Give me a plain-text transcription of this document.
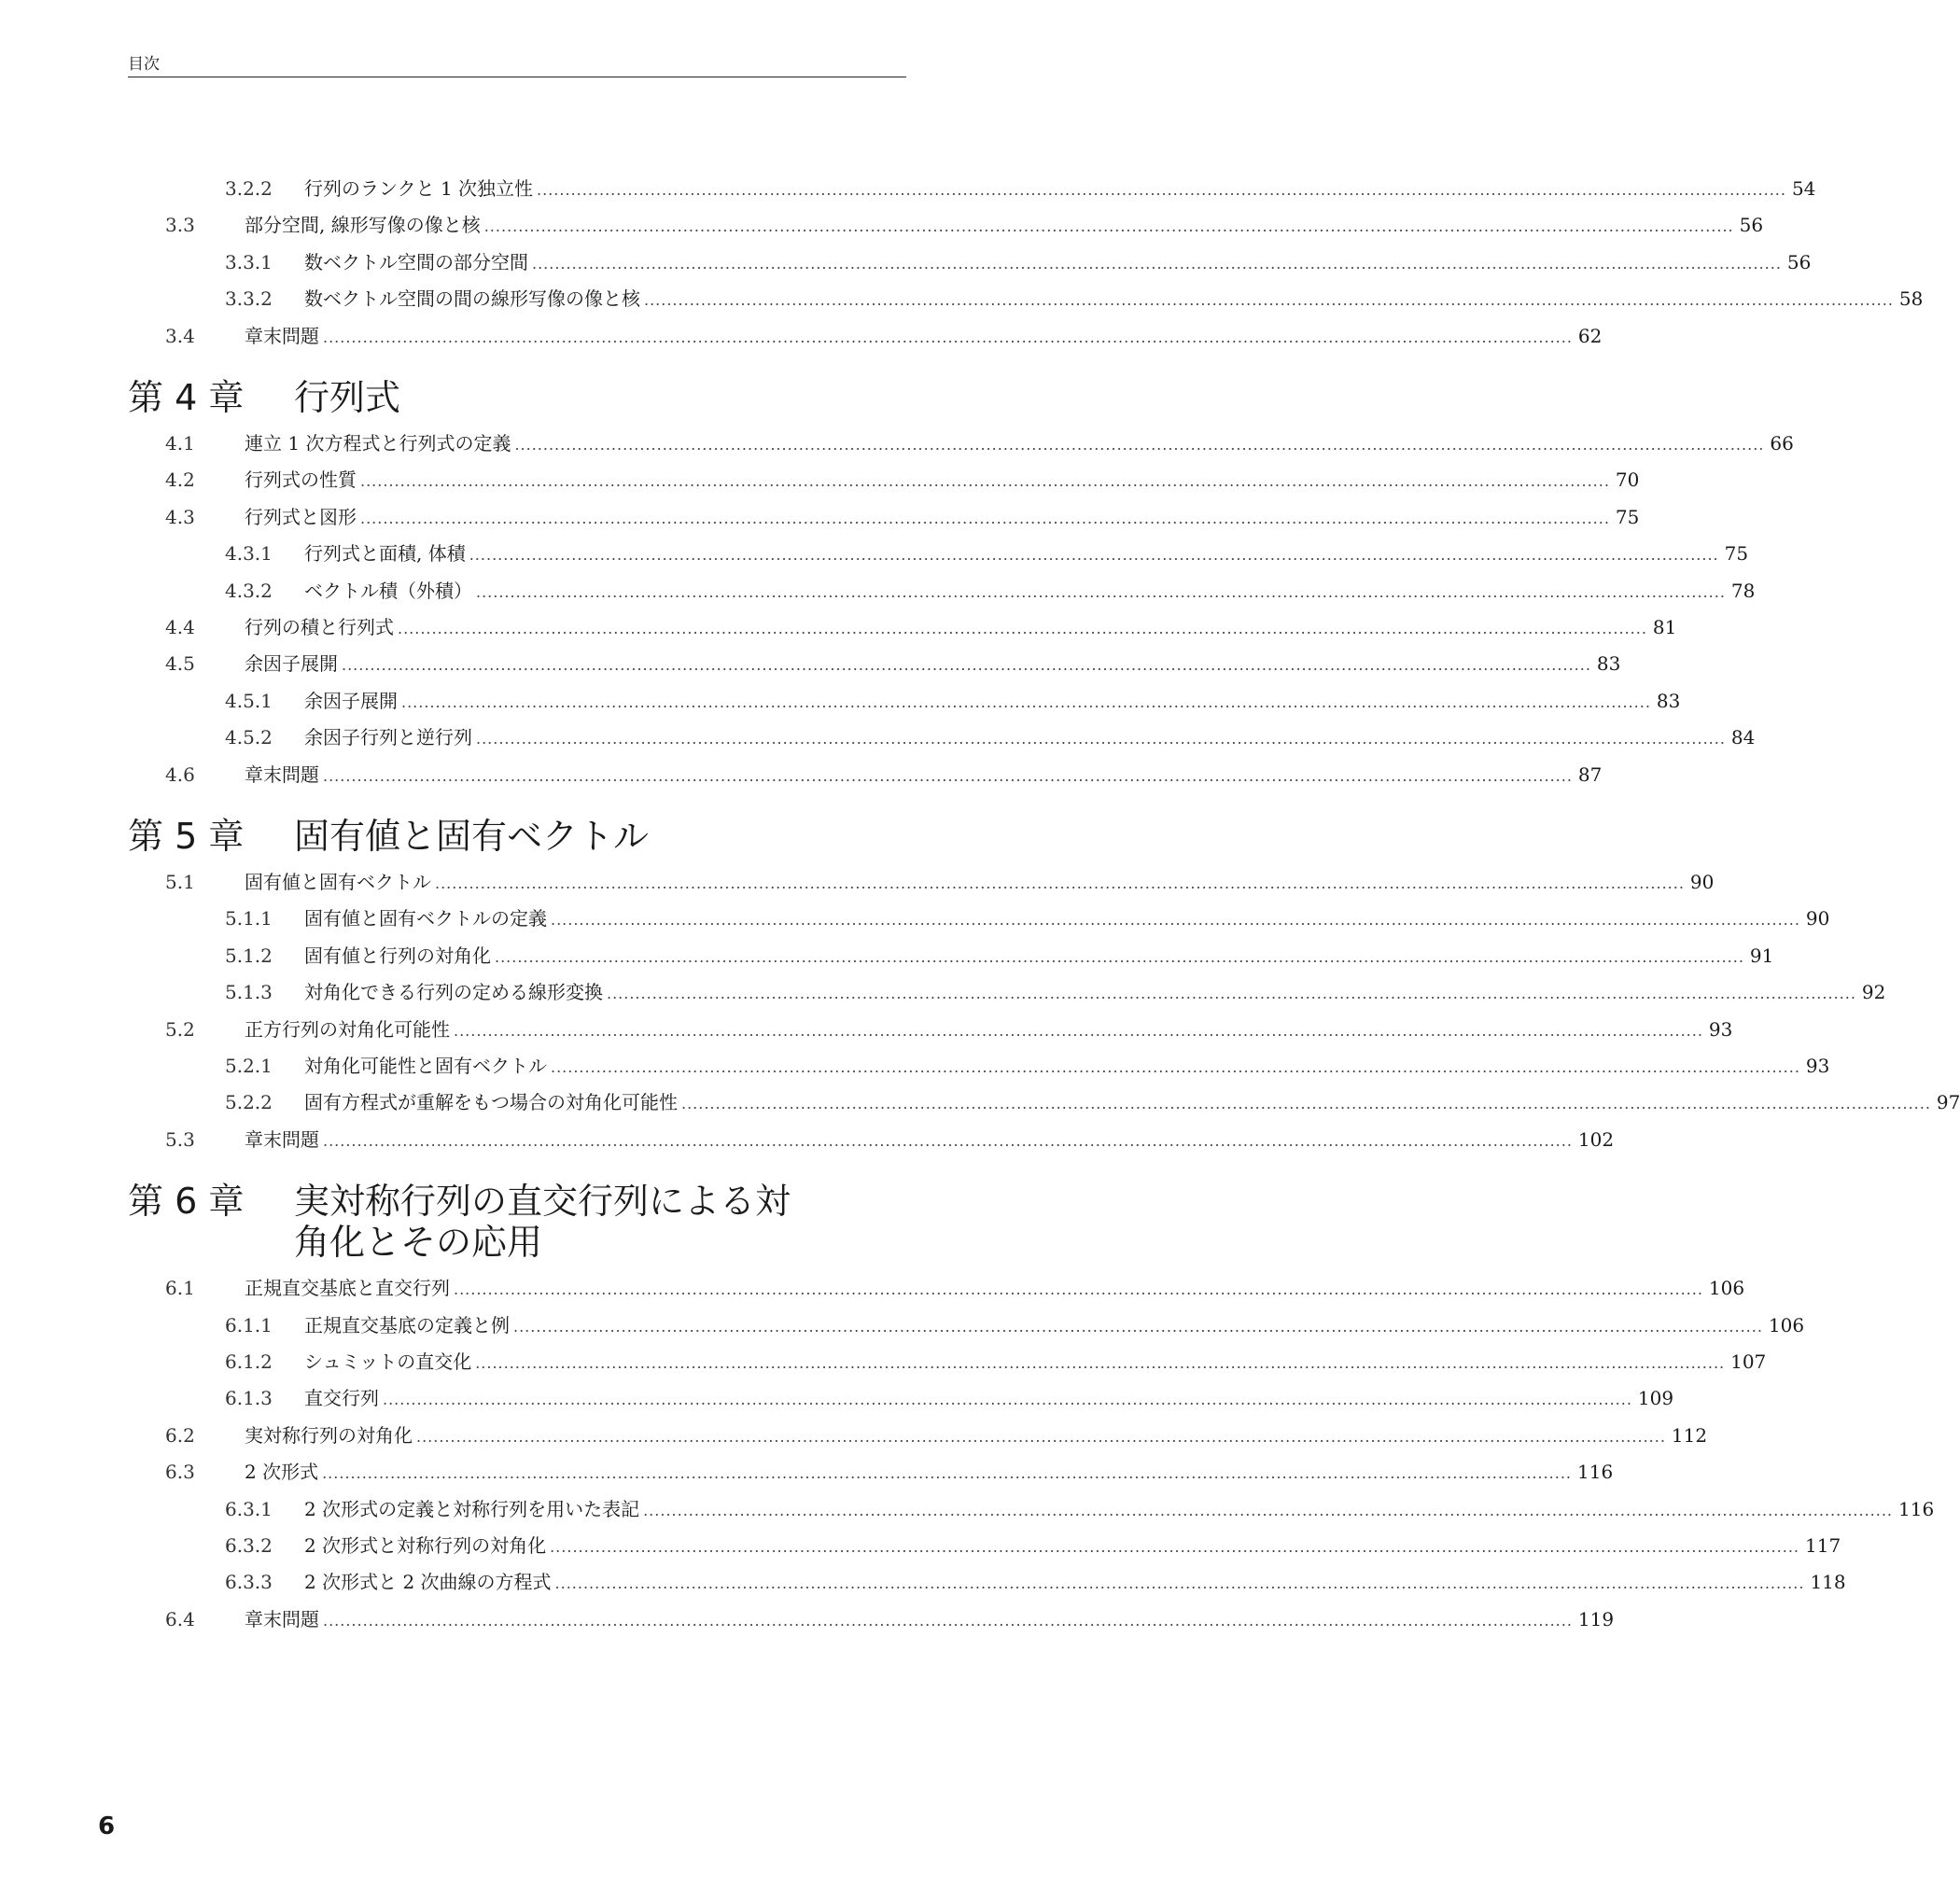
目次
3.2.2	行列のランクと 1 次独立性 ............................................................................................................................................................................................................................ 54
3.3	部分空間, 線形写像の像と核 ............................................................................................................................................................................................................................ 56
3.3.1	数ベクトル空間の部分空間 ............................................................................................................................................................................................................................ 56
3.3.2	数ベクトル空間の間の線形写像の像と核 ............................................................................................................................................................................................................................ 58
3.4	章末問題 ............................................................................................................................................................................................................................ 62
第 4 章	行列式
4.1	連立 1 次方程式と行列式の定義 ............................................................................................................................................................................................................................ 66
4.2	行列式の性質 ............................................................................................................................................................................................................................ 70
4.3	行列式と図形 ............................................................................................................................................................................................................................ 75
4.3.1	行列式と面積, 体積 ............................................................................................................................................................................................................................ 75
4.3.2	ベクトル積（外積） ............................................................................................................................................................................................................................ 78
4.4	行列の積と行列式 ............................................................................................................................................................................................................................ 81
4.5	余因子展開 ............................................................................................................................................................................................................................ 83
4.5.1	余因子展開 ............................................................................................................................................................................................................................ 83
4.5.2	余因子行列と逆行列 ............................................................................................................................................................................................................................ 84
4.6	章末問題 ............................................................................................................................................................................................................................ 87
第 5 章	固有値と固有ベクトル
5.1	固有値と固有ベクトル ............................................................................................................................................................................................................................ 90
5.1.1	固有値と固有ベクトルの定義 ............................................................................................................................................................................................................................ 90
5.1.2	固有値と行列の対角化 ............................................................................................................................................................................................................................ 91
5.1.3	対角化できる行列の定める線形変換 ............................................................................................................................................................................................................................ 92
5.2	正方行列の対角化可能性 ............................................................................................................................................................................................................................ 93
5.2.1	対角化可能性と固有ベクトル ............................................................................................................................................................................................................................ 93
5.2.2	固有方程式が重解をもつ場合の対角化可能性 ............................................................................................................................................................................................................................ 97
5.3	章末問題 ............................................................................................................................................................................................................................ 102
第 6 章	実対称行列の直交行列による対
角化とその応用
6.1	正規直交基底と直交行列 ............................................................................................................................................................................................................................ 106
6.1.1	正規直交基底の定義と例 ............................................................................................................................................................................................................................ 106
6.1.2	シュミットの直交化 ............................................................................................................................................................................................................................ 107
6.1.3	直交行列 ............................................................................................................................................................................................................................ 109
6.2	実対称行列の対角化 ............................................................................................................................................................................................................................ 112
6.3	2 次形式 ............................................................................................................................................................................................................................ 116
6.3.1	2 次形式の定義と対称行列を用いた表記 ............................................................................................................................................................................................................................ 116
6.3.2	2 次形式と対称行列の対角化 ............................................................................................................................................................................................................................ 117
6.3.3	2 次形式と 2 次曲線の方程式 ............................................................................................................................................................................................................................ 118
6.4	章末問題 ............................................................................................................................................................................................................................ 119
6
